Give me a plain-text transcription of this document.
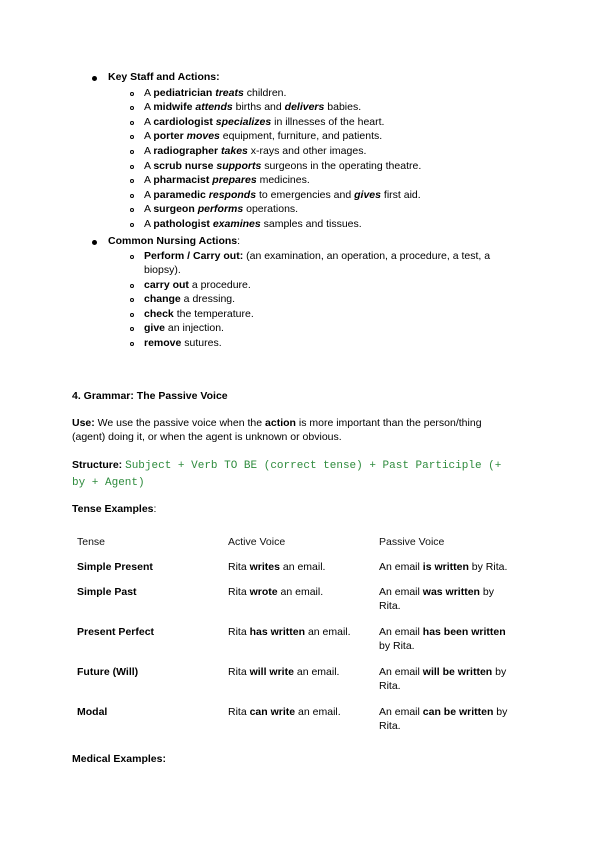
Key Staff and Actions:
A pediatrician treats children.
A midwife attends births and delivers babies.
A cardiologist specializes in illnesses of the heart.
A porter moves equipment, furniture, and patients.
A radiographer takes x-rays and other images.
A scrub nurse supports surgeons in the operating theatre.
A pharmacist prepares medicines.
A paramedic responds to emergencies and gives first aid.
A surgeon performs operations.
A pathologist examines samples and tissues.
Common Nursing Actions:
Perform / Carry out: (an examination, an operation, a procedure, a test, a
biopsy).
carry out a procedure.
change a dressing.
check the temperature.
give an injection.
remove sutures.
4. Grammar: The Passive Voice
Use: We use the passive voice when the action is more important than the person/thing
(agent) doing it, or when the agent is unknown or obvious.
Structure: Subject + Verb TO BE (correct tense) + Past Participle (+
by + Agent)
Tense Examples:
Tense	Active Voice	Passive Voice
Simple Present	Rita writes an email.	An email is written by Rita.
Simple Past	Rita wrote an email.	An email was written by
Rita.
Present Perfect	Rita has written an email.	An email has been written
by Rita.
Future (Will)	Rita will write an email.	An email will be written by
Rita.
Modal	Rita can write an email.	An email can be written by
Rita.
Medical Examples:
